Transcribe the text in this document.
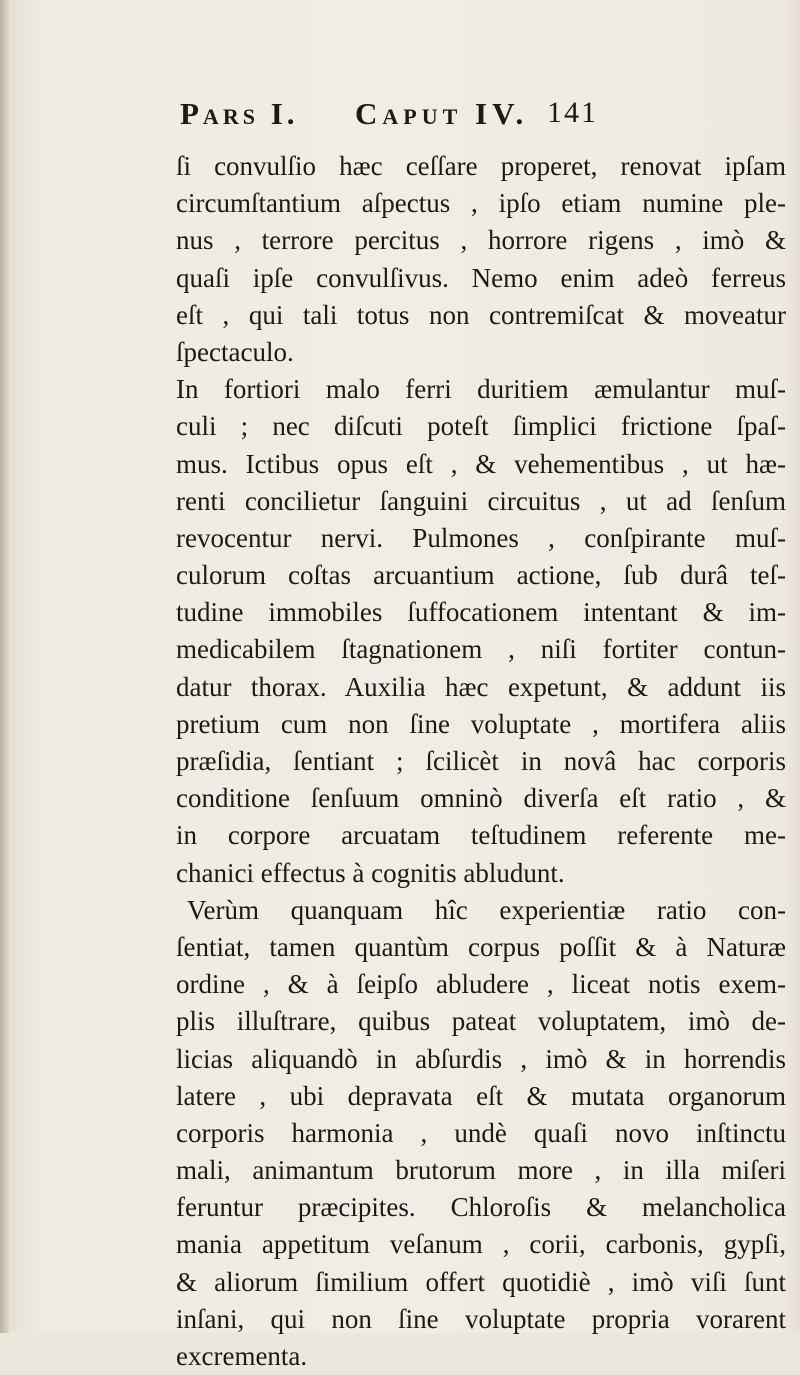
Pars I. Caput IV. 141
ſi convulſio hæc ceſſare properet, renovat ipſam
circumſtantium aſpectus , ipſo etiam numine ple-
nus , terrore percitus , horrore rigens , imò &
quaſi ipſe convulſivus. Nemo enim adeò ferreus
eſt , qui tali totus non contremiſcat & moveatur
ſpectaculo.
In fortiori malo ferri duritiem æmulantur muſ-
culi ; nec diſcuti poteſt ſimplici frictione ſpaſ-
mus. Ictibus opus eſt , & vehementibus , ut hæ-
renti concilietur ſanguini circuitus , ut ad ſenſum
revocentur nervi. Pulmones , conſpirante muſ-
culorum coſtas arcuantium actione, ſub durâ teſ-
tudine immobiles ſuffocationem intentant & im-
medicabilem ſtagnationem , niſi fortiter contun-
datur thorax. Auxilia hæc expetunt, & addunt iis
pretium cum non ſine voluptate , mortifera aliis
præſidia, ſentiant ; ſcilicèt in novâ hac corporis
conditione ſenſuum omninò diverſa eſt ratio , &
in corpore arcuatam teſtudinem referente me-
chanici effectus à cognitis abludunt.
Verùm quanquam hîc experientiæ ratio con-
ſentiat, tamen quantùm corpus poſſit & à Naturæ
ordine , & à ſeipſo abludere , liceat notis exem-
plis illuſtrare, quibus pateat voluptatem, imò de-
licias aliquandò in abſurdis , imò & in horrendis
latere , ubi depravata eſt & mutata organorum
corporis harmonia , undè quaſi novo inſtinctu
mali, animantum brutorum more , in illa miſeri
feruntur præcipites. Chloroſis & melancholica
mania appetitum veſanum , corii, carbonis, gypſi,
& aliorum ſimilium offert quotidiè , imò viſi ſunt
inſani, qui non ſine voluptate propria vorarent
excrementa.
